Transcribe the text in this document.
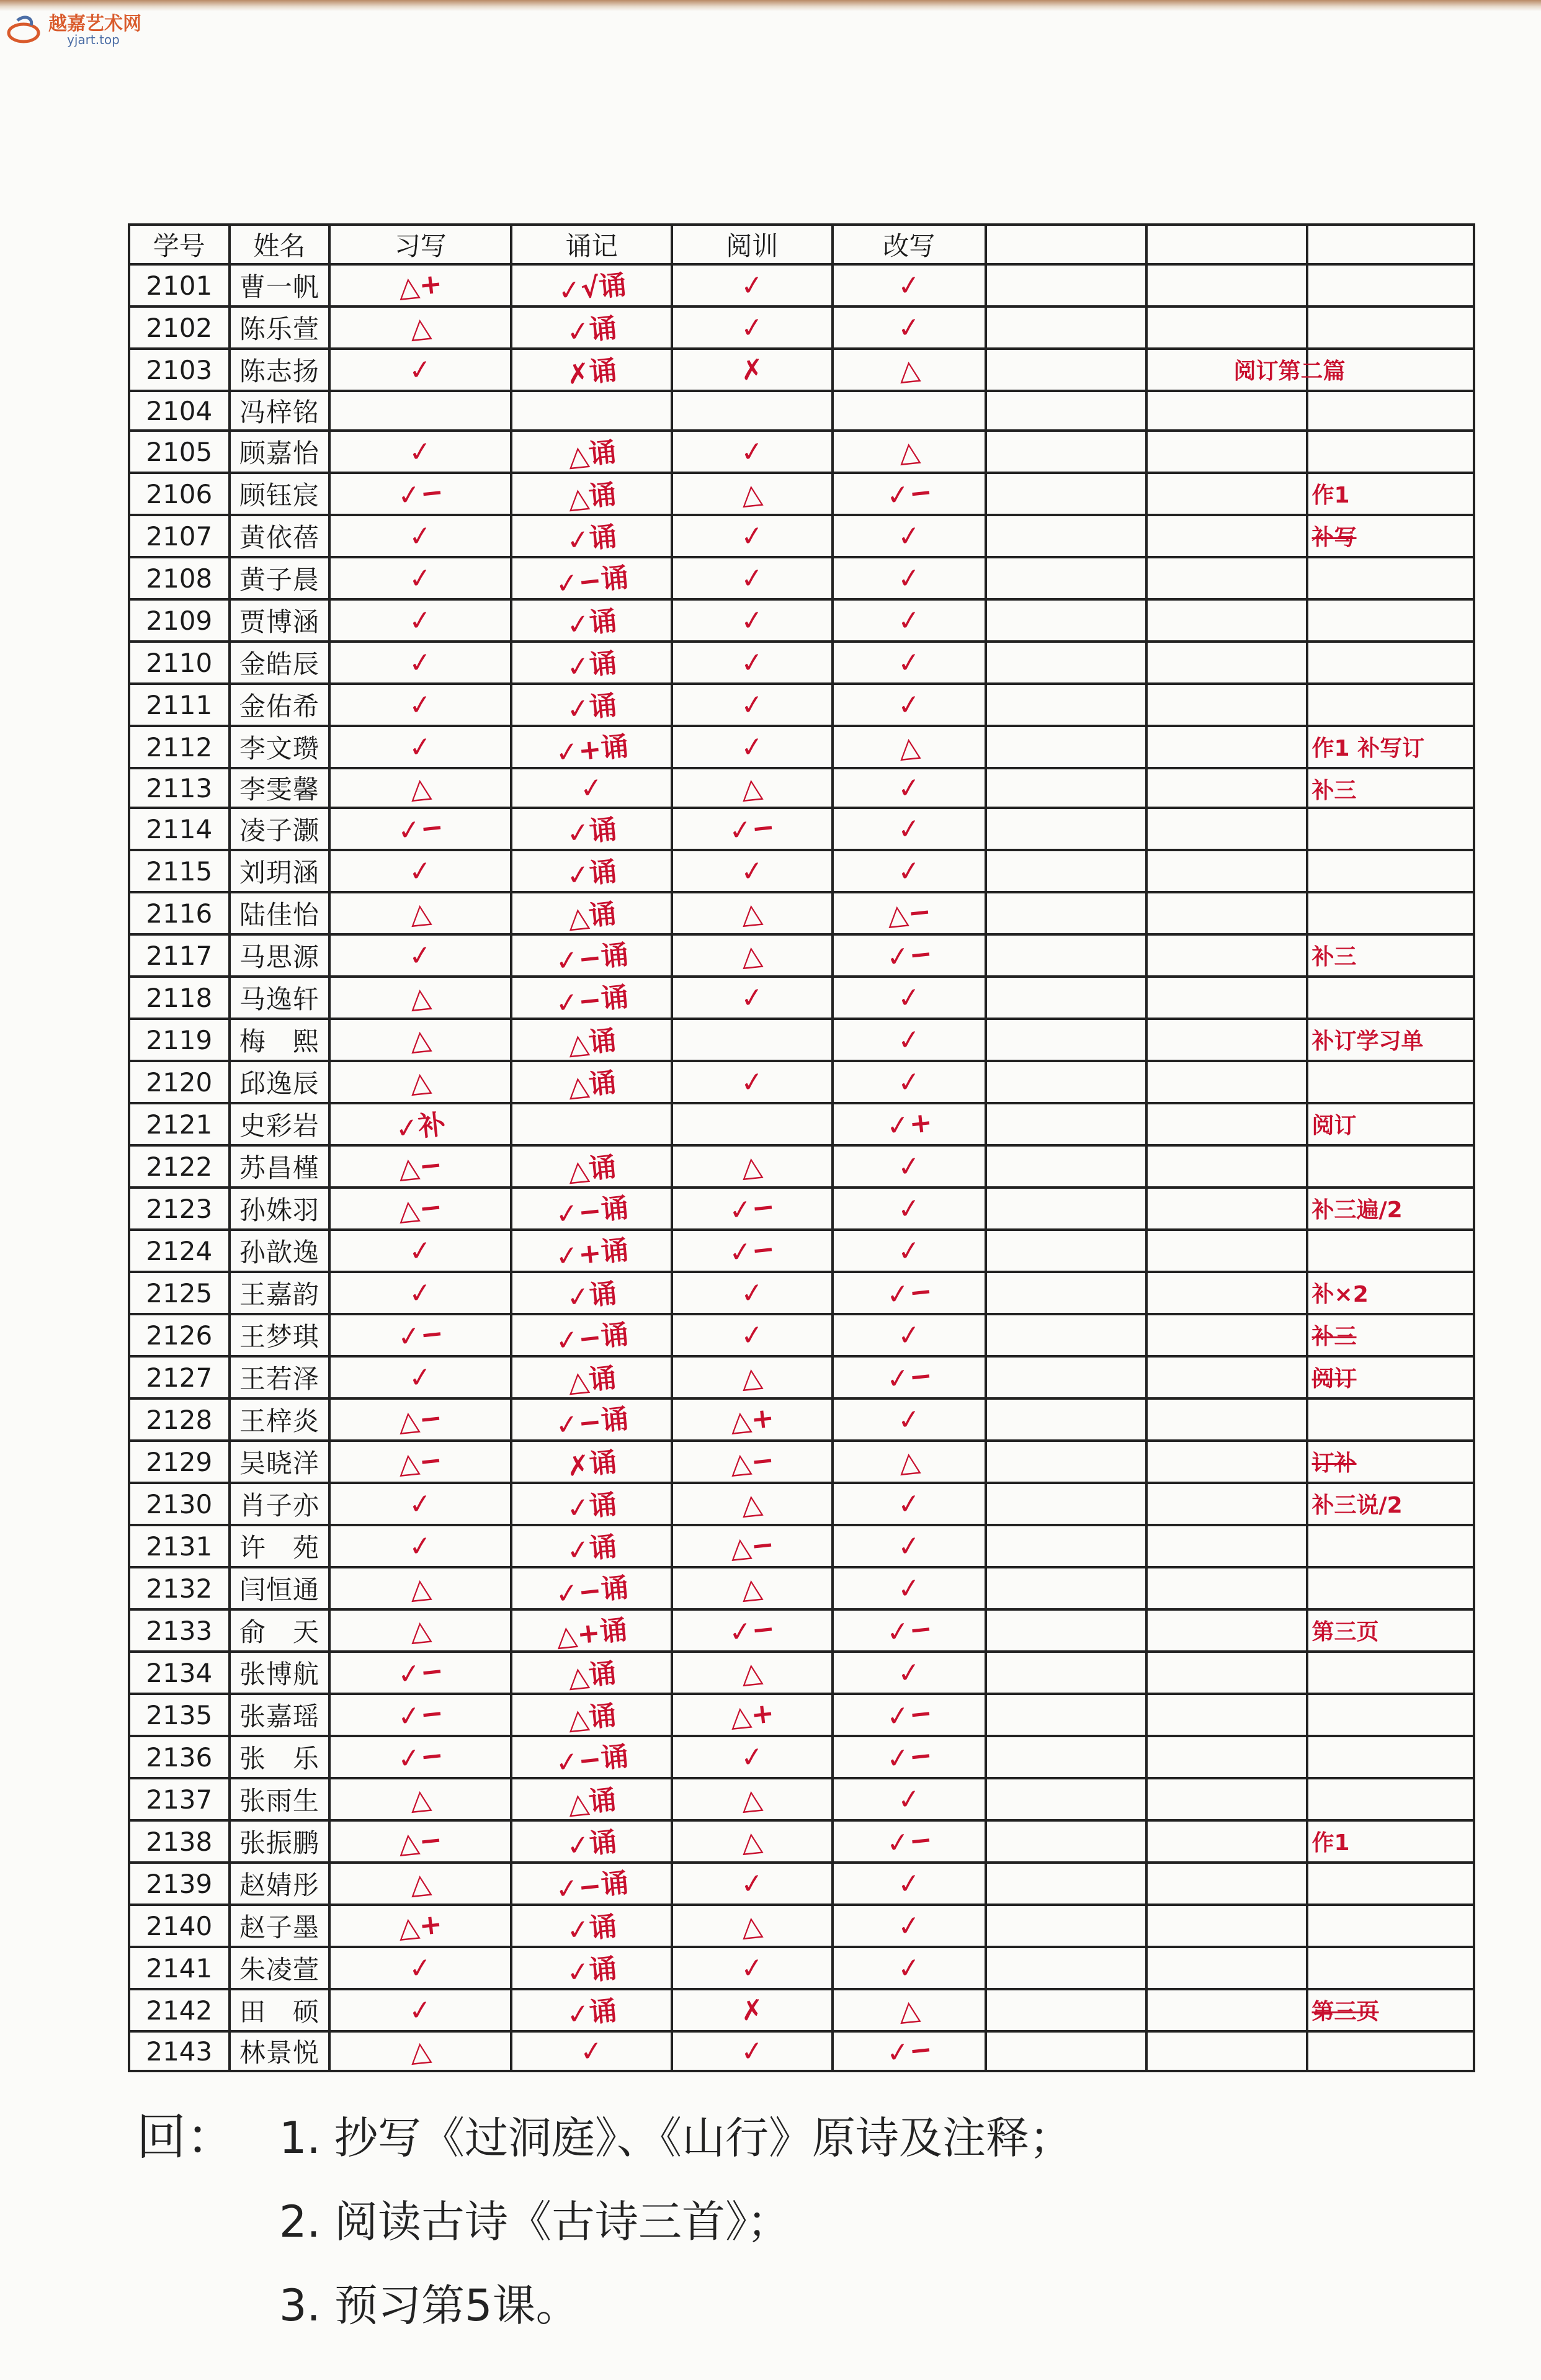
越嘉艺术网
yjart.top
学号	姓名	习写	诵记	阅训	改写			
2101	曹一帆	△+	✓√诵	✓	✓			
2102	陈乐萱	△	✓诵	✓	✓			
2103	陈志扬	✓	✗诵	✗	△			阅订第二篇

2104	冯梓铭							
2105	顾嘉怡	✓	△诵	✓	△			
2106	顾钰宸	✓−	△诵	△	✓−			作1

2107	黄依蓓	✓	✓诵	✓	✓			补写

2108	黄子晨	✓	✓−诵	✓	✓			
2109	贾博涵	✓	✓诵	✓	✓			
2110	金皓辰	✓	✓诵	✓	✓			
2111	金佑希	✓	✓诵	✓	✓			
2112	李文瓒	✓	✓+诵	✓	△			作1 补写订

2113	李雯馨	△	✓	△	✓			补三

2114	凌子灏	✓−	✓诵	✓−	✓			
2115	刘玥涵	✓	✓诵	✓	✓			
2116	陆佳怡	△	△诵	△	△−			
2117	马思源	✓	✓−诵	△	✓−			补三

2118	马逸轩	△	✓−诵	✓	✓			
2119	梅　熙	△	△诵		✓			补订学习单

2120	邱逸辰	△	△诵	✓	✓			
2121	史彩岩	✓补			✓+			阅订

2122	苏昌槿	△−	△诵	△	✓			
2123	孙姝羽	△−	✓−诵	✓−	✓			补三遍/2

2124	孙歆逸	✓	✓+诵	✓−	✓			
2125	王嘉韵	✓	✓诵	✓	✓−			补×2

2126	王梦琪	✓−	✓−诵	✓	✓			补三

2127	王若泽	✓	△诵	△	✓−			阅订

2128	王梓炎	△−	✓−诵	△+	✓			
2129	吴晓洋	△−	✗诵	△−	△			订补

2130	肖子亦	✓	✓诵	△	✓			补三说/2

2131	许　苑	✓	✓诵	△−	✓			
2132	闫恒通	△	✓−诵	△	✓			
2133	俞　天	△	△+诵	✓−	✓−			第三页

2134	张博航	✓−	△诵	△	✓			
2135	张嘉瑶	✓−	△诵	△+	✓−			
2136	张　乐	✓−	✓−诵	✓	✓−			
2137	张雨生	△	△诵	△	✓			
2138	张振鹏	△−	✓诵	△	✓−			作1

2139	赵婧彤	△	✓−诵	✓	✓			
2140	赵子墨	△+	✓诵	△	✓			
2141	朱凌萱	✓	✓诵	✓	✓			
2142	田　硕	✓	✓诵	✗	△			第三页

2143	林景悦	△	✓	✓	✓−			
回： 1. 抄写《过洞庭》、《山行》原诗及注释；
2. 阅读古诗《古诗三首》；
3. 预习第5课。
